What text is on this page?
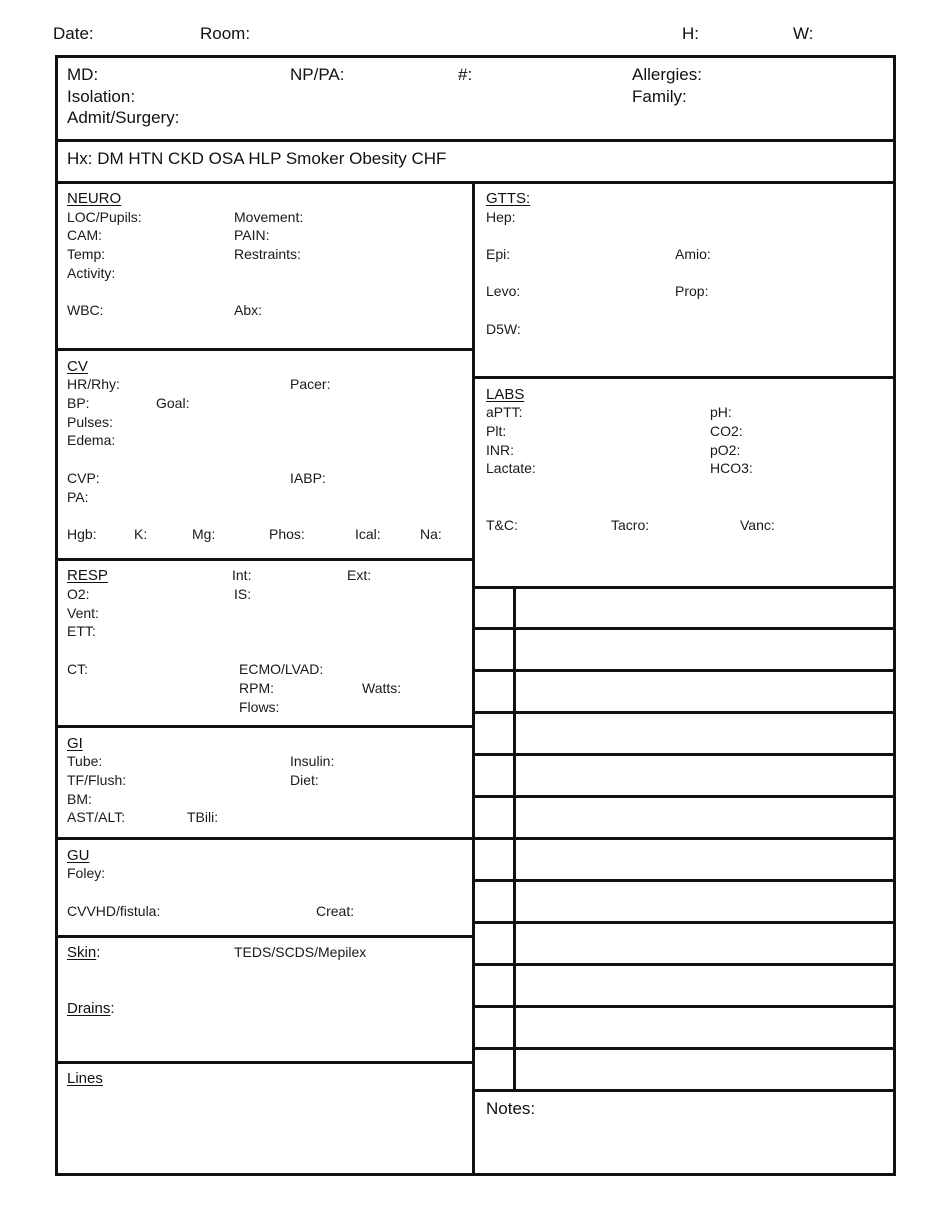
Date:	Room:	H:	W:
MD:	NP/PA:	#:	Allergies:
Isolation:	Family:
Admit/Surgery:
Hx: DM HTN CKD OSA HLP Smoker Obesity CHF
NEURO
LOC/Pupils:	Movement:
CAM:	PAIN:
Temp:	Restraints:
Activity:
WBC:	Abx:
CV
HR/Rhy:	Pacer:
BP:	Goal:
Pulses:
Edema:
CVP:	IABP:
PA:
Hgb:	K:	Mg:	Phos:	Ical:	Na:
RESP	Int:	Ext:
O2:	IS:
Vent:
ETT:
CT:	ECMO/LVAD:
RPM:	Watts:
Flows:
GI
Tube:	Insulin:
TF/Flush:	Diet:
BM:
AST/ALT:	TBili:
GU
Foley:
CVVHD/fistula:	Creat:
Skin:	TEDS/SCDS/Mepilex
Drains:
Lines
GTTS:
Hep:
Epi:	Amio:
Levo:	Prop:
D5W:
LABS
aPTT:	pH:
Plt:	CO2:
INR:	pO2:
Lactate:	HCO3:
T&C:	Tacro:	Vanc:
Notes:
